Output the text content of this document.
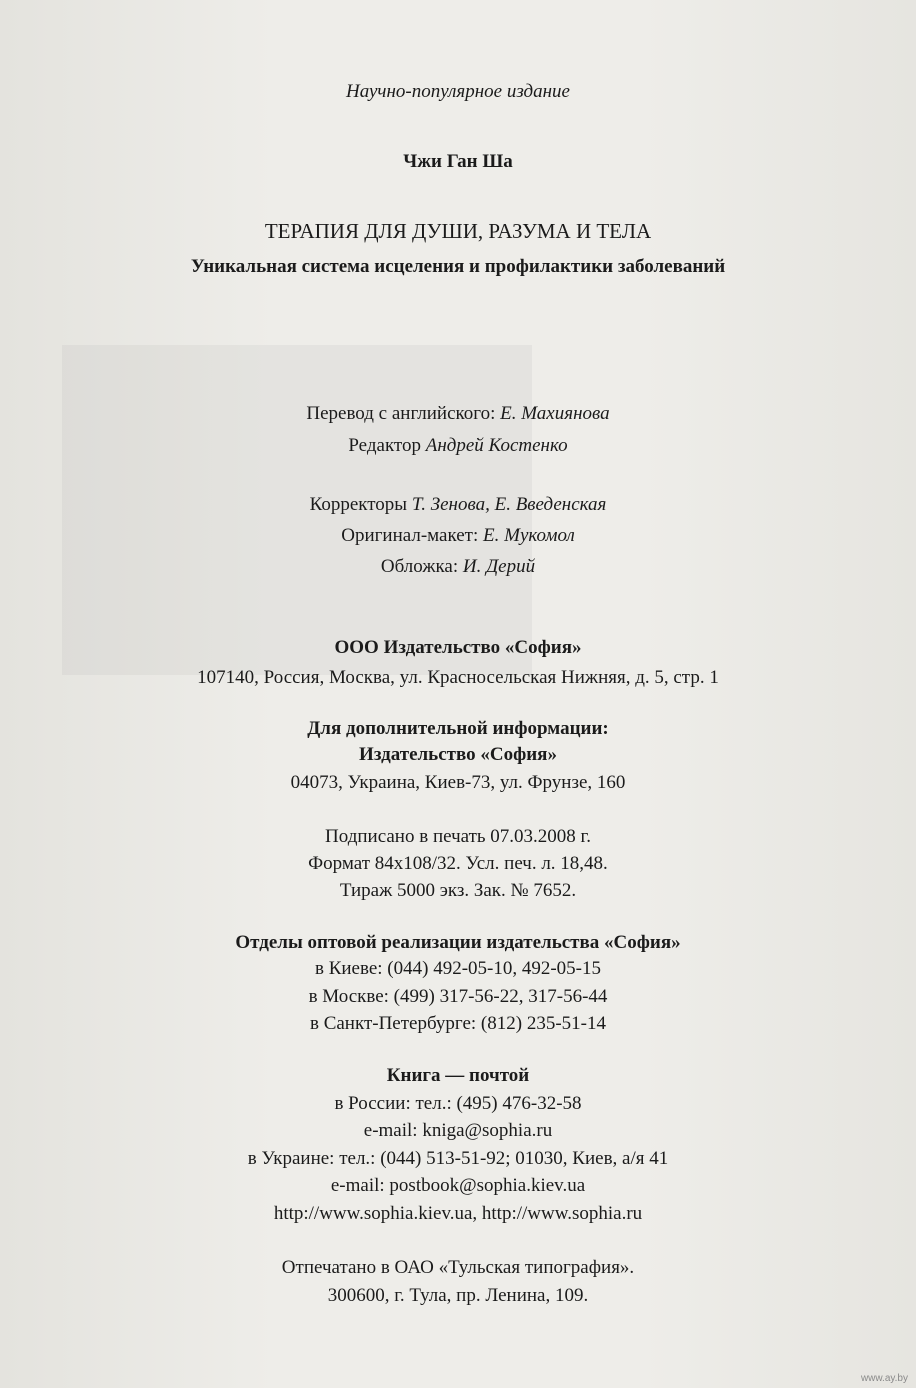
Научно-популярное издание
Чжи Ган Ша
ТЕРАПИЯ ДЛЯ ДУШИ, РАЗУМА И ТЕЛА
Уникальная система исцеления и профилактики заболеваний
Перевод с английского: Е. Махиянова
Редактор Андрей Костенко
Корректоры Т. Зенова, Е. Введенская
Оригинал-макет: Е. Мукомол
Обложка: И. Дерий
ООО Издательство «София»
107140, Россия, Москва, ул. Красносельская Нижняя, д. 5, стр. 1
Для дополнительной информации:
Издательство «София»
04073, Украина, Киев-73, ул. Фрунзе, 160
Подписано в печать 07.03.2008 г.
Формат 84х108/32. Усл. печ. л. 18,48.
Тираж 5000 экз. Зак. № 7652.
Отделы оптовой реализации издательства «София»
в Киеве: (044) 492-05-10, 492-05-15
в Москве: (499) 317-56-22, 317-56-44
в Санкт-Петербурге: (812) 235-51-14
Книга — почтой
в России: тел.: (495) 476-32-58
e-mail: kniga@sophia.ru
в Украине: тел.: (044) 513-51-92; 01030, Киев, а/я 41
e-mail: postbook@sophia.kiev.ua
http://www.sophia.kiev.ua, http://www.sophia.ru
Отпечатано в ОАО «Тульская типография».
300600, г. Тула, пр. Ленина, 109.
www.ay.by
